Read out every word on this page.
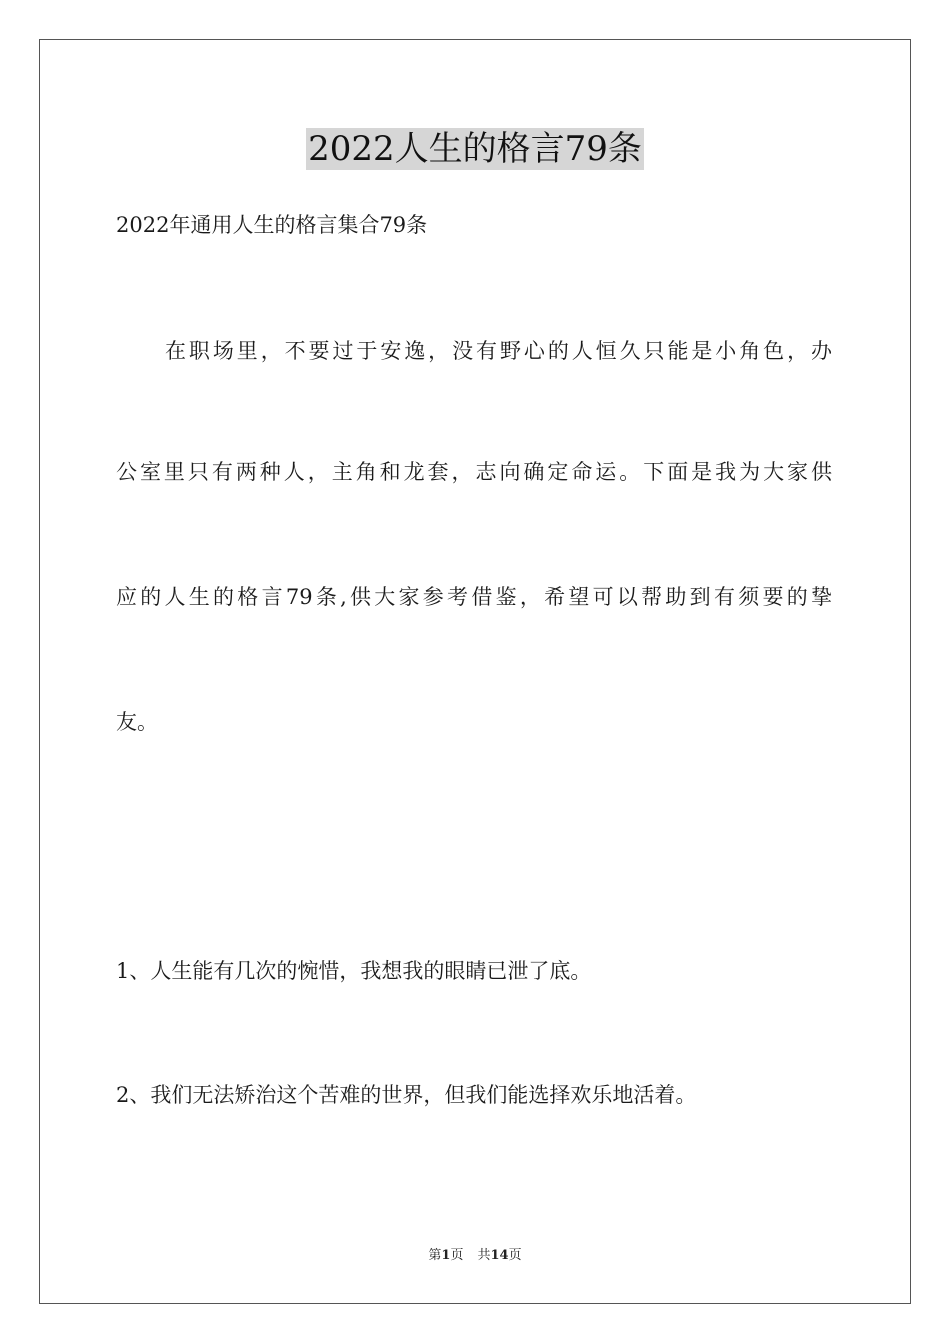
2022人生的格言79条
2022年通用人生的格言集合79条
在职场里，不要过于安逸，没有野心的人恒久只能是小角色，办
公室里只有两种人，主角和龙套，志向确定命运。下面是我为大家供
应的人生的格言79条,供大家参考借鉴，希望可以帮助到有须要的挚
友。
1、人生能有几次的惋惜，我想我的眼睛已泄了底。
2、我们无法矫治这个苦难的世界，但我们能选择欢乐地活着。
第1页 共14页
